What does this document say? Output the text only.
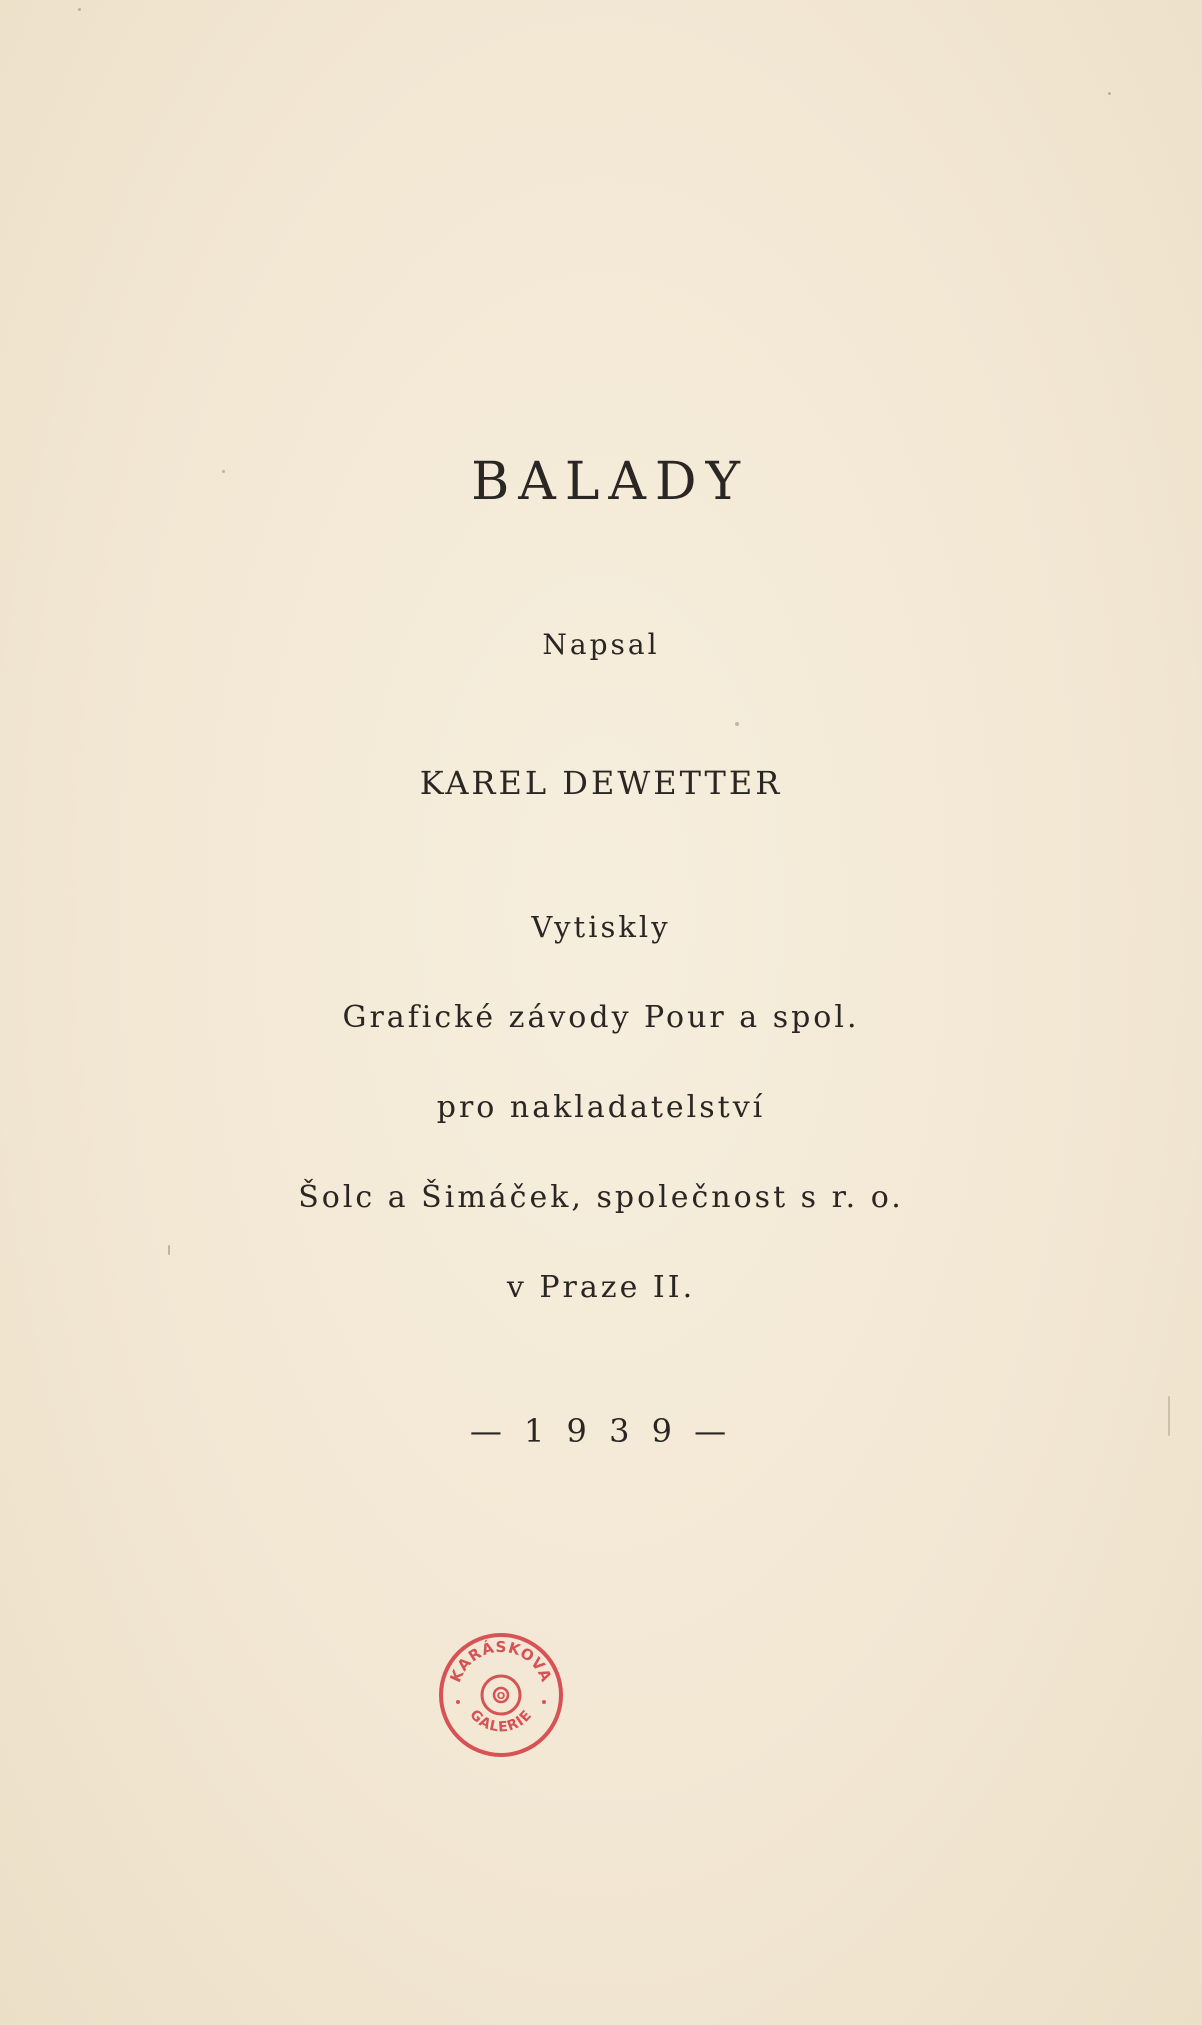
BALADY
Napsal
KAREL DEWETTER
Vytiskly
Grafické závody Pour a spol.
pro nakladatelství
Šolc a Šimáček, společnost s r. o.
v Praze II.
— 1 9 3 9 —
KARÁSKOVA
GALERIE
O
